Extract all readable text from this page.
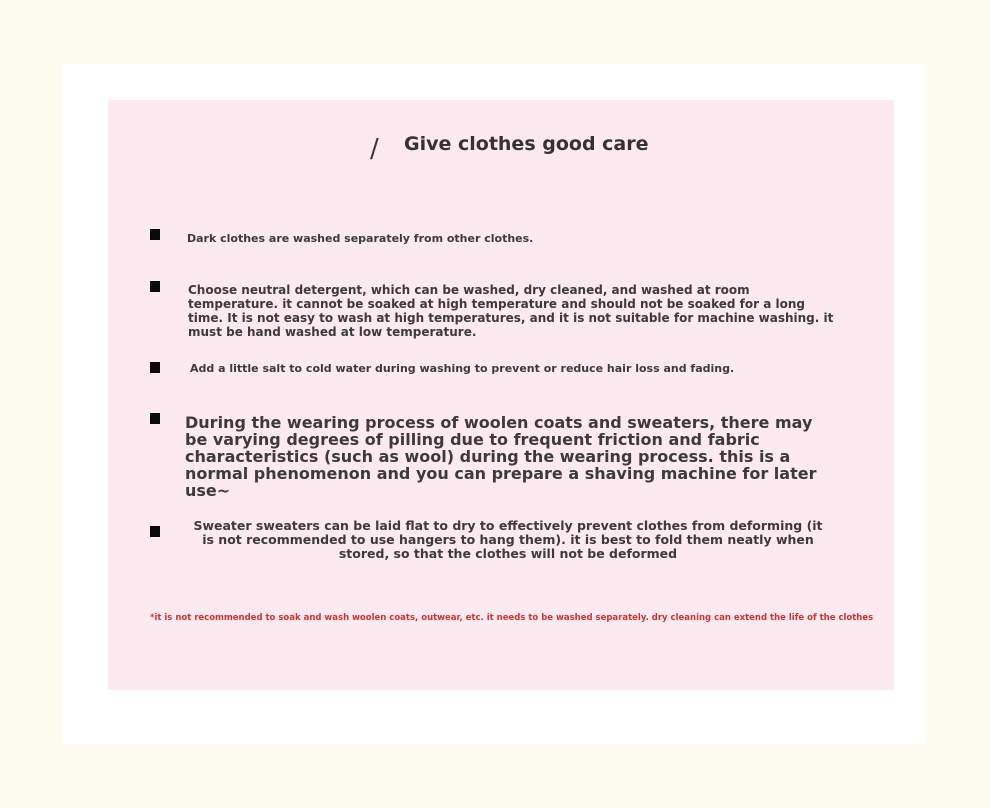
/ Give clothes good care
Dark clothes are washed separately from other clothes.
Choose neutral detergent, which can be washed, dry cleaned, and washed at room temperature. it cannot be soaked at high temperature and should not be soaked for a long time. It is not easy to wash at high temperatures, and it is not suitable for machine washing. it must be hand washed at low temperature.
Add a little salt to cold water during washing to prevent or reduce hair loss and fading.
During the wearing process of woolen coats and sweaters, there may be varying degrees of pilling due to frequent friction and fabric characteristics (such as wool) during the wearing process. this is a normal phenomenon and you can prepare a shaving machine for later use~
Sweater sweaters can be laid flat to dry to effectively prevent clothes from deforming (it is not recommended to use hangers to hang them). it is best to fold them neatly when stored, so that the clothes will not be deformed
*it is not recommended to soak and wash woolen coats, outwear, etc. it needs to be washed separately. dry cleaning can extend the life of the clothes
